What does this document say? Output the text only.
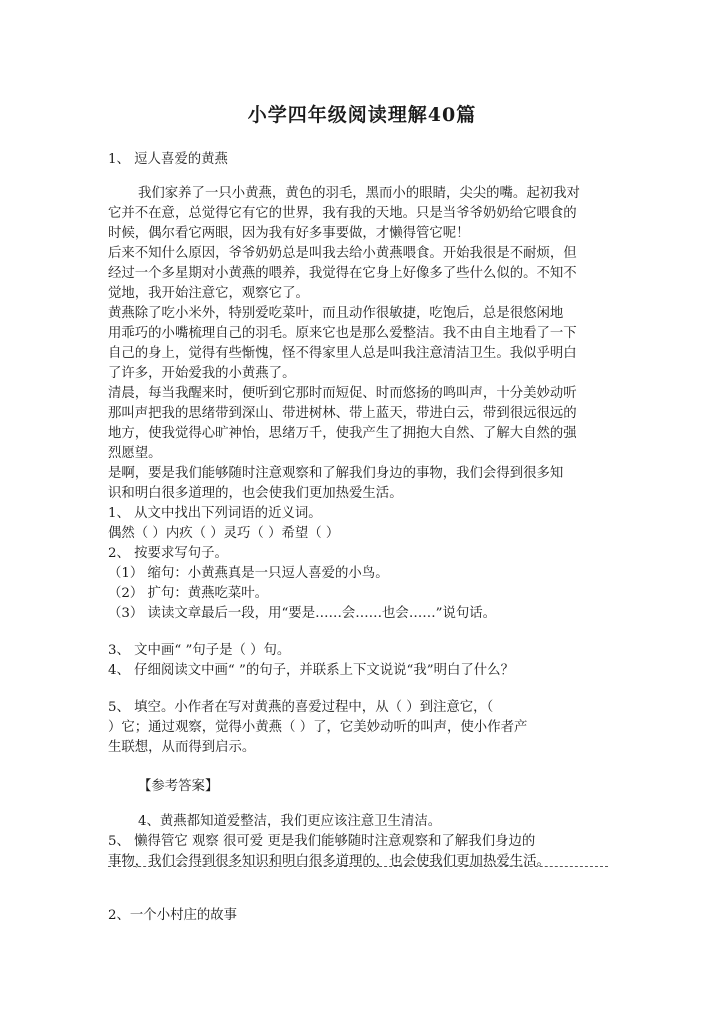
小学四年级阅读理解40篇
1、 逗人喜爱的黄燕
我们家养了一只小黄燕，黄色的羽毛，黑而小的眼睛，尖尖的嘴。起初我对
它并不在意，总觉得它有它的世界，我有我的天地。只是当爷爷奶奶给它喂食的
时候，偶尔看它两眼，因为我有好多事要做，才懒得管它呢！
后来不知什么原因，爷爷奶奶总是叫我去给小黄燕喂食。开始我很是不耐烦，但
经过一个多星期对小黄燕的喂养，我觉得在它身上好像多了些什么似的。不知不
觉地，我开始注意它，观察它了。
黄燕除了吃小米外，特别爱吃菜叶，而且动作很敏捷，吃饱后，总是很悠闲地
用乖巧的小嘴梳理自己的羽毛。原来它也是那么爱整洁。我不由自主地看了一下
自己的身上，觉得有些惭愧，怪不得家里人总是叫我注意清洁卫生。我似乎明白
了许多，开始爱我的小黄燕了。
清晨，每当我醒来时，便听到它那时而短促、时而悠扬的鸣叫声，十分美妙动听
那叫声把我的思绪带到深山、带进树林、带上蓝天，带进白云，带到很远很远的
地方，使我觉得心旷神怡，思绪万千，使我产生了拥抱大自然、了解大自然的强
烈愿望。
是啊，要是我们能够随时注意观察和了解我们身边的事物，我们会得到很多知
识和明白很多道理的，也会使我们更加热爱生活。
1、 从文中找出下列词语的近义词。
偶然（ ）内疚（ ）灵巧（ ）希望（ ）
2、 按要求写句子。
（1） 缩句：小黄燕真是一只逗人喜爱的小鸟。
（2） 扩句：黄燕吃菜叶。
（3） 读读文章最后一段，用“要是……会……也会……”说句话。
3、 文中画“ ”句子是（ ）句。
4、 仔细阅读文中画“ ”的句子，并联系上下文说说“我”明白了什么？
5、 填空。小作者在写对黄燕的喜爱过程中，从（ ）到注意它，（
）它；通过观察，觉得小黄燕（ ）了，它美妙动听的叫声，使小作者产
生联想，从而得到启示。
【参考答案】
4、黄燕都知道爱整洁，我们更应该注意卫生清洁。
5、 懒得管它 观察 很可爱 更是我们能够随时注意观察和了解我们身边的
事物，我们会得到很多知识和明白很多道理的，也会使我们更加热爱生活。
2、一个小村庄的故事
